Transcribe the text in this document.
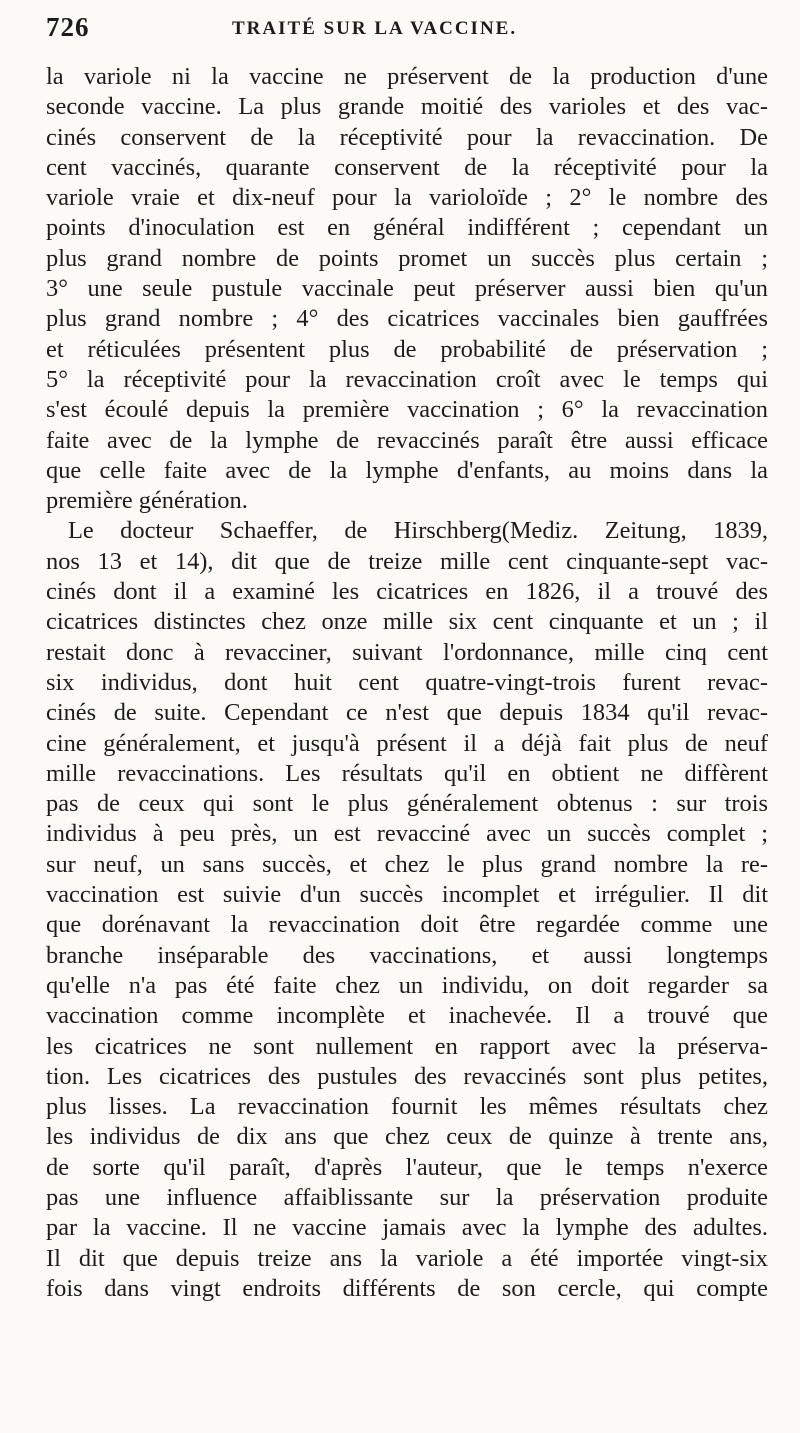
726	TRAITÉ SUR LA VACCINE.
la variole ni la vaccine ne préservent de la production d'une
seconde vaccine. La plus grande moitié des varioles et des vac-
cinés conservent de la réceptivité pour la revaccination. De
cent vaccinés, quarante conservent de la réceptivité pour la
variole vraie et dix-neuf pour la varioloïde ; 2° le nombre des
points d'inoculation est en général indifférent ; cependant un
plus grand nombre de points promet un succès plus certain ;
3° une seule pustule vaccinale peut préserver aussi bien qu'un
plus grand nombre ; 4° des cicatrices vaccinales bien gauffrées
et réticulées présentent plus de probabilité de préservation ;
5° la réceptivité pour la revaccination croît avec le temps qui
s'est écoulé depuis la première vaccination ; 6° la revaccination
faite avec de la lymphe de revaccinés paraît être aussi efficace
que celle faite avec de la lymphe d'enfants, au moins dans la
première génération.
Le docteur Schaeffer, de Hirschberg(Mediz. Zeitung, 1839,
nos 13 et 14), dit que de treize mille cent cinquante-sept vac-
cinés dont il a examiné les cicatrices en 1826, il a trouvé des
cicatrices distinctes chez onze mille six cent cinquante et un ; il
restait donc à revacciner, suivant l'ordonnance, mille cinq cent
six individus, dont huit cent quatre-vingt-trois furent revac-
cinés de suite. Cependant ce n'est que depuis 1834 qu'il revac-
cine généralement, et jusqu'à présent il a déjà fait plus de neuf
mille revaccinations. Les résultats qu'il en obtient ne diffèrent
pas de ceux qui sont le plus généralement obtenus : sur trois
individus à peu près, un est revacciné avec un succès complet ;
sur neuf, un sans succès, et chez le plus grand nombre la re-
vaccination est suivie d'un succès incomplet et irrégulier. Il dit
que dorénavant la revaccination doit être regardée comme une
branche inséparable des vaccinations, et aussi longtemps
qu'elle n'a pas été faite chez un individu, on doit regarder sa
vaccination comme incomplète et inachevée. Il a trouvé que
les cicatrices ne sont nullement en rapport avec la préserva-
tion. Les cicatrices des pustules des revaccinés sont plus petites,
plus lisses. La revaccination fournit les mêmes résultats chez
les individus de dix ans que chez ceux de quinze à trente ans,
de sorte qu'il paraît, d'après l'auteur, que le temps n'exerce
pas une influence affaiblissante sur la préservation produite
par la vaccine. Il ne vaccine jamais avec la lymphe des adultes.
Il dit que depuis treize ans la variole a été importée vingt-six
fois dans vingt endroits différents de son cercle, qui compte
